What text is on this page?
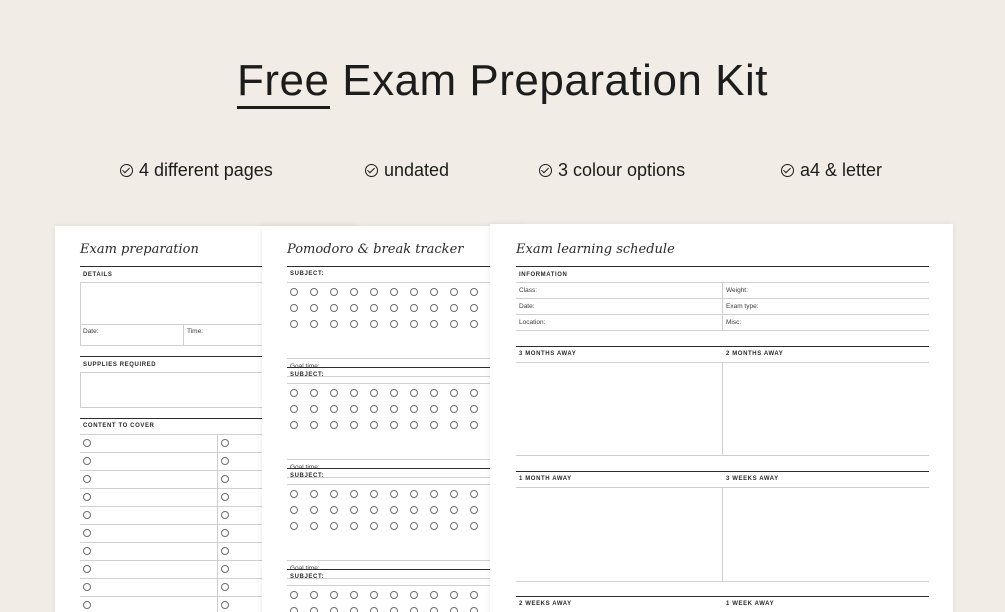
Free Exam Preparation Kit
4 different pages	undated	3 colour options	a4 & letter
Exam preparation
DETAILS
Date:	Time:
SUPPLIES REQUIRED
CONTENT TO COVER
Pomodoro & break tracker
SUBJECT:
SUBJECT:
SUBJECT:
SUBJECT:
Exam learning schedule
INFORMATION
Class:	Weight:
Date:	Exam type:
Location:	Misc:
3 MONTHS AWAY	2 MONTHS AWAY
1 MONTH AWAY	3 WEEKS AWAY
2 WEEKS AWAY	1 WEEK AWAY
